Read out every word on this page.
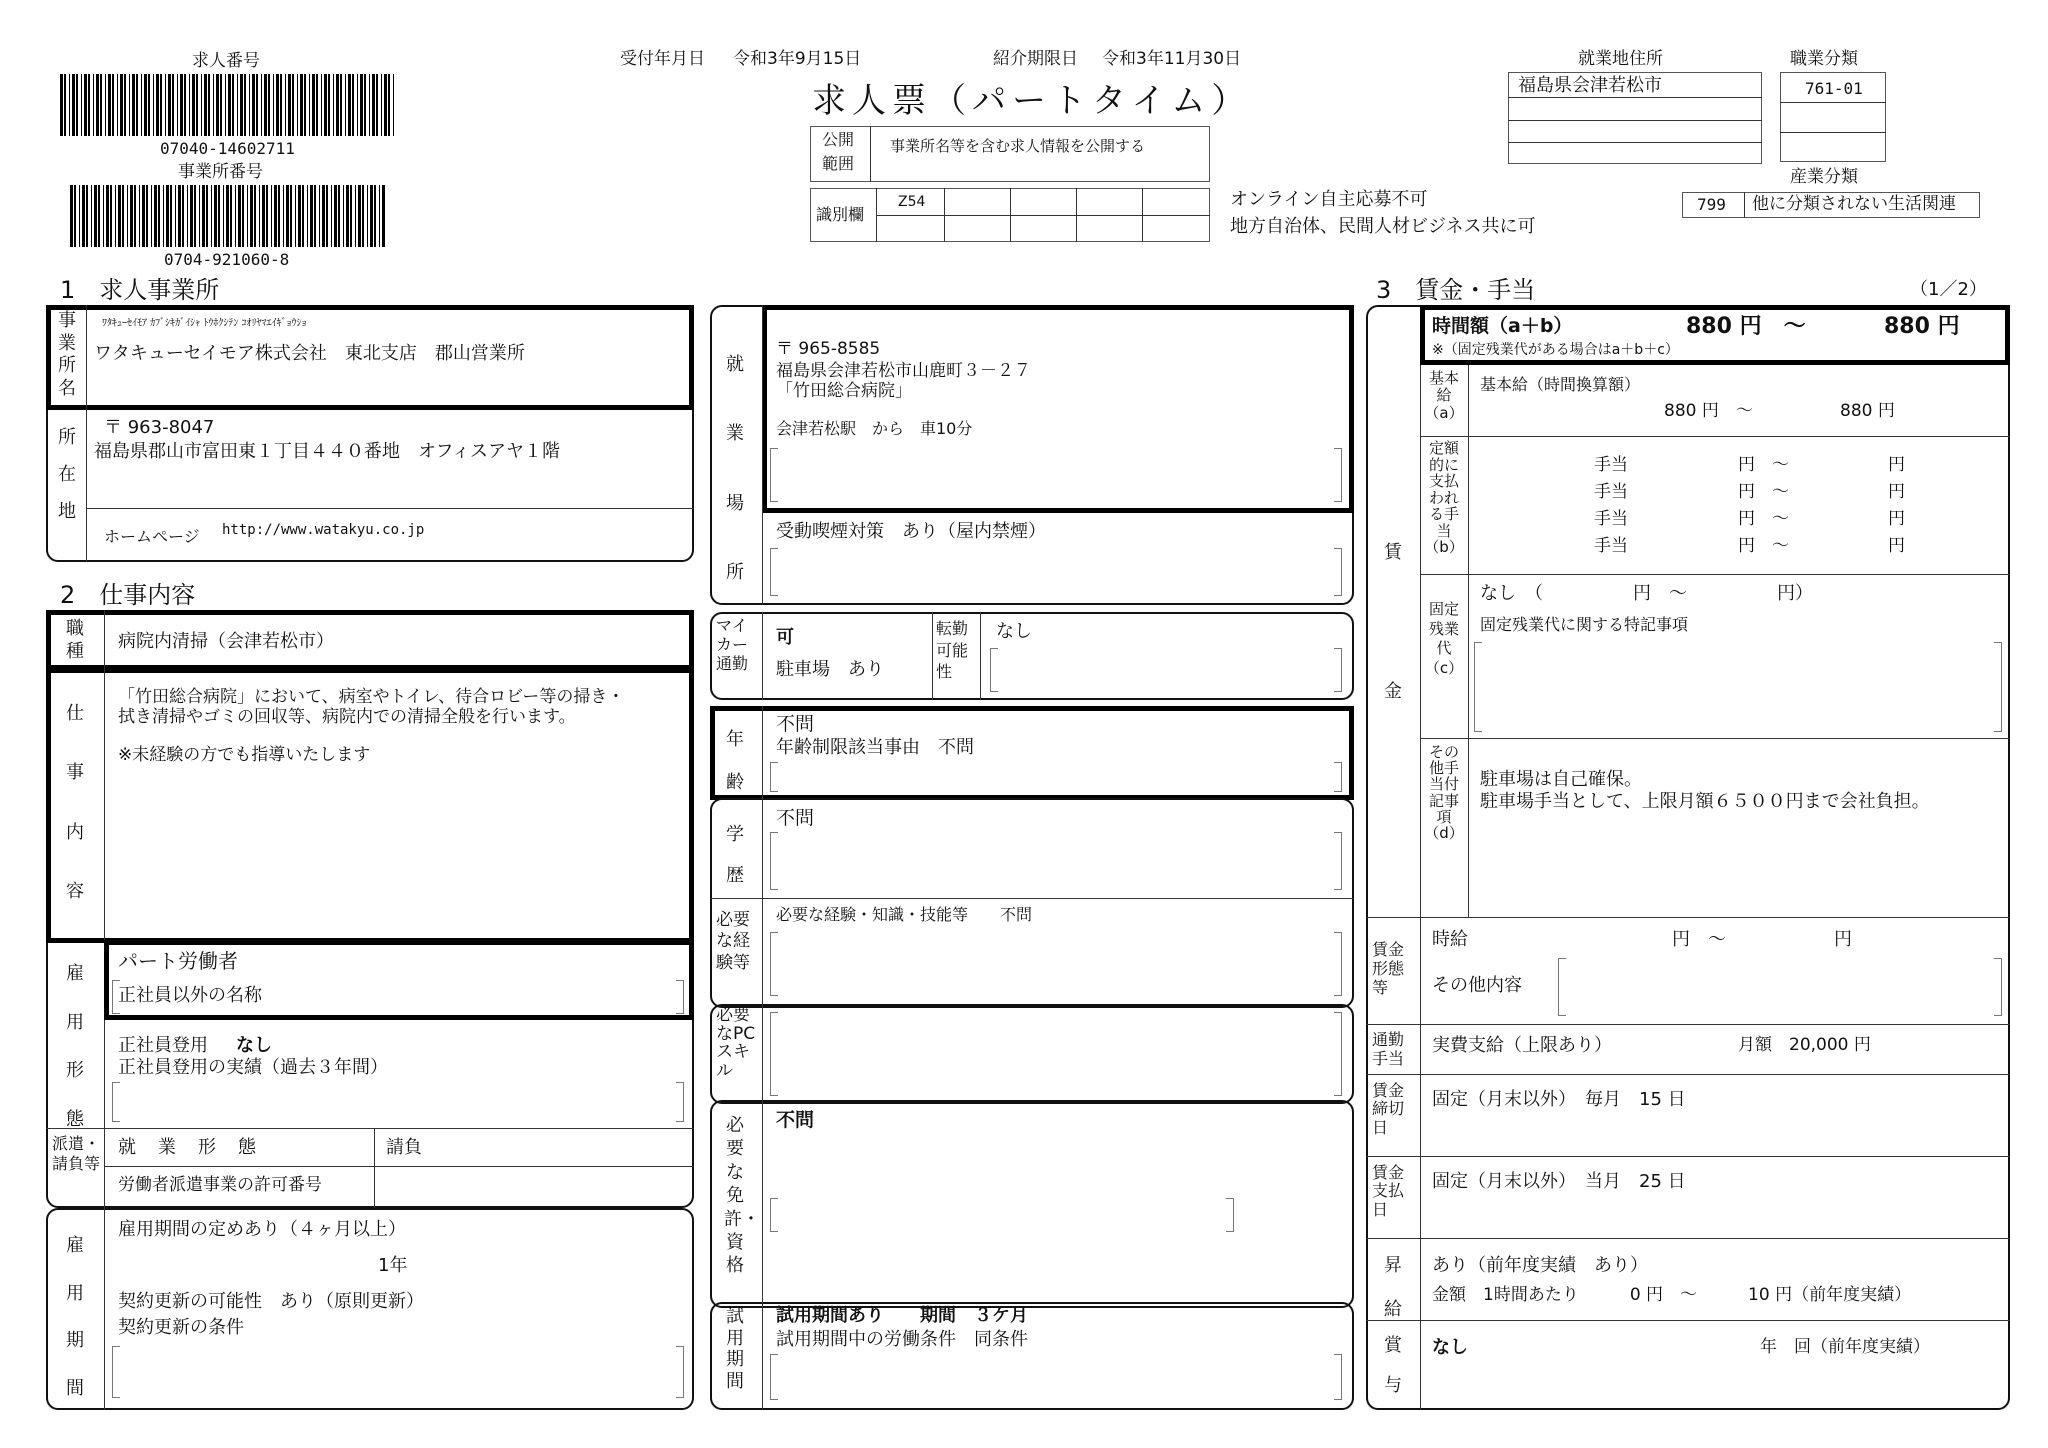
求人番号
07040-14602711
事業所番号
0704-921060-8
受付年月日 令和3年9月15日	紹介期限日 令和3年11月30日
求人票（パートタイム）
公開
範囲
事業所名等を含む求人情報を公開する
識別欄
Z54	オンライン自主応募不可
地方自治体、民間人材ビジネス共に可
就業地住所
福島県会津若松市
職業分類
761-01
産業分類
799 他に分類されない生活関連
1　求人事業所
事業所名
ﾜﾀｷｭｰｾｲﾓｱ ｶﾌﾞｼｷｶﾞｲｼｬ ﾄｳﾎｸｼﾃﾝ ｺｵﾘﾔﾏｴｲｷﾞｮｳｼｮ
ワタキューセイモア株式会社　東北支店　郡山営業所
所在地
〒 963-8047
福島県郡山市富田東１丁目４４０番地　オフィスアヤ１階
ホームページ http://www.watakyu.co.jp
2　仕事内容
職種 病院内清掃（会津若松市）
仕事内容
「竹田総合病院」において、病室やトイレ、待合ロビー等の掃き・
拭き清掃やゴミの回収等、病院内での清掃全般を行います。
※未経験の方でも指導いたします
雇用形態
パート労働者
正社員以外の名称
正社員登用 なし
正社員登用の実績（過去３年間）
派遣・請負等
就　業　形　態	請負
労働者派遣事業の許可番号
雇用期間
雇用期間の定めあり（４ヶ月以上）
1年
契約更新の可能性　あり（原則更新）
契約更新の条件
就業場所
〒 965-8585
福島県会津若松市山鹿町３－２７
「竹田総合病院」
会津若松駅　から　車10分
受動喫煙対策　あり（屋内禁煙）
マイカー通勤
可
駐車場　あり
転勤可能性
なし
年齢
不問
年齢制限該当事由　不問
学歴
不問
必要な経験等
必要な経験・知識・技能等　　不問
必要なPCスキル
必要な免許・資格
不問
試用期間
試用期間あり　　期間　３ケ月
試用期間中の労働条件　同条件
3　賃金・手当	（1／2）
賃金
時間額（a＋b）	880 円　～	880 円
※（固定残業代がある場合はa＋b＋c）
基本給（a）
基本給（時間換算額）
880 円　～	880 円
定額的に支払われる手当（b）
手当	円　～	円
手当	円　～	円
手当	円　～	円
手当	円　～	円
固定残業代（c）
なし　（　　　　　円　～　　　　　円）
固定残業代に関する特記事項
その他手当付記事項（d）
駐車場は自己確保。
駐車場手当として、上限月額６５００円まで会社負担。
賃金形態等
時給	円　～　　　　　　円
その他内容
通勤手当
実費支給（上限あり）	月額　20,000 円
賃金締切日
固定（月末以外）　毎月　15 日
賃金支払日
固定（月末以外）　当月　25 日
昇給
あり（前年度実績　あり）
金額　1時間あたり　　　0 円　～　　　10 円（前年度実績）
賞与
なし	年　回（前年度実績）
